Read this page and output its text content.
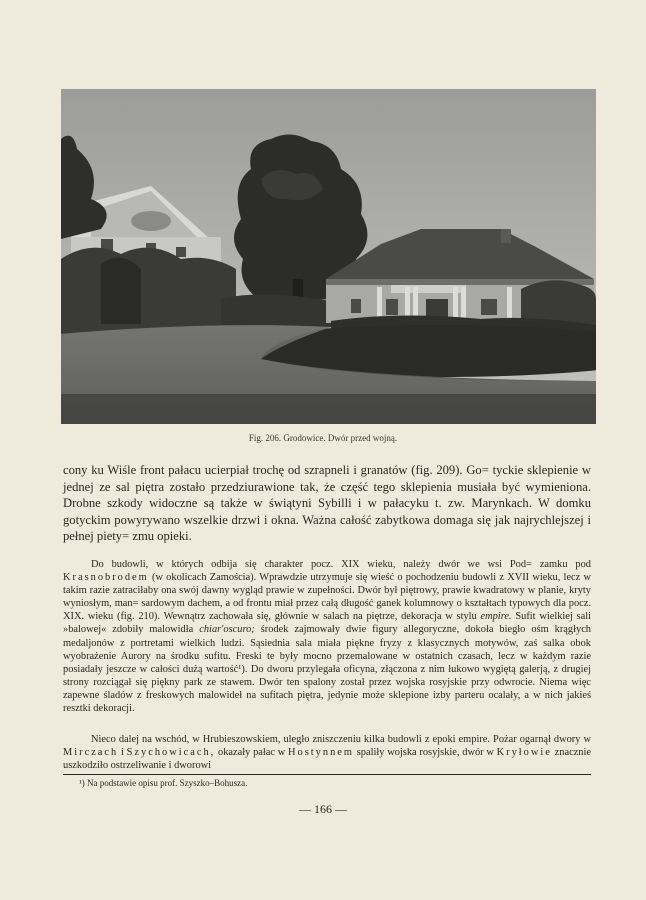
Fig. 206. Grodowice. Dwór przed wojną.
cony ku Wiśle front pałacu ucierpiał trochę od szrapneli i granatów (fig. 209). Go= tyckie sklepienie w jednej ze sal piętra zostało przedziurawione tak, że część tego sklepienia musiała być wymieniona. Drobne szkody widoczne są także w świątyni Sybilli i w pałacyku t. zw. Marynkach. W domku gotyckim powyrywano wszelkie drzwi i okna. Ważna całość zabytkowa domaga się jak najrychlejszej i pełnej piety= zmu opieki.
Do budowli, w których odbija się charakter pocz. XIX wieku, należy dwór we wsi Pod= zamku pod Krasnobrodem (w okolicach Zamościa). Wprawdzie utrzymuje się wieść o pochodzeniu budowli z XVII wieku, lecz w takim razie zatraciłaby ona swój dawny wygląd prawie w zupełności. Dwór był piętrowy, prawie kwadratowy w planie, kryty wyniosłym, man= sardowym dachem, a od frontu miał przez całą długość ganek kolumnowy o kształtach typowych dla pocz. XIX. wieku (fig. 210). Wewnątrz zachowała się, głównie w salach na piętrze, dekoracja w stylu empire. Sufit wielkiej sali »balowej« zdobiły malowidła chiar'oscuro; środek zajmowały dwie figury allegoryczne, dokoła biegło ośm krągłych medaljonów z portretami wielkich ludzi. Sąsiednia sala miała piękne fryzy z klasycznych motywów, zaś salka obok wyobrażenie Aurory na środku sufitu. Freski te były mocno przemalowane w ostatnich czasach, lecz w każdym razie posiadały jeszcze w całości dużą wartość¹). Do dworu przylegała oficyna, złączona z nim łukowo wygiętą galerją, z drugiej strony rozciągał się piękny park ze stawem. Dwór ten spalony został przez wojska rosyjskie przy odwrocie. Niema więc zapewne śladów z freskowych malowideł na sufitach piętra, jedynie może sklepione izby parteru ocalały, a w nich jakieś resztki dekoracji.
Nieco dalej na wschód, w Hrubieszowskiem, uległo zniszczeniu kilka budowli z epoki empire. Pożar ogarnął dwory w Mirczach i Szychowicach, okazały pałac w Hostynnem spaliły wojska rosyjskie, dwór w Kryłowie znacznie uszkodziło ostrzeliwanie i dworowi
¹) Na podstawie opisu prof. Szyszko–Bohusza.
— 166 —
